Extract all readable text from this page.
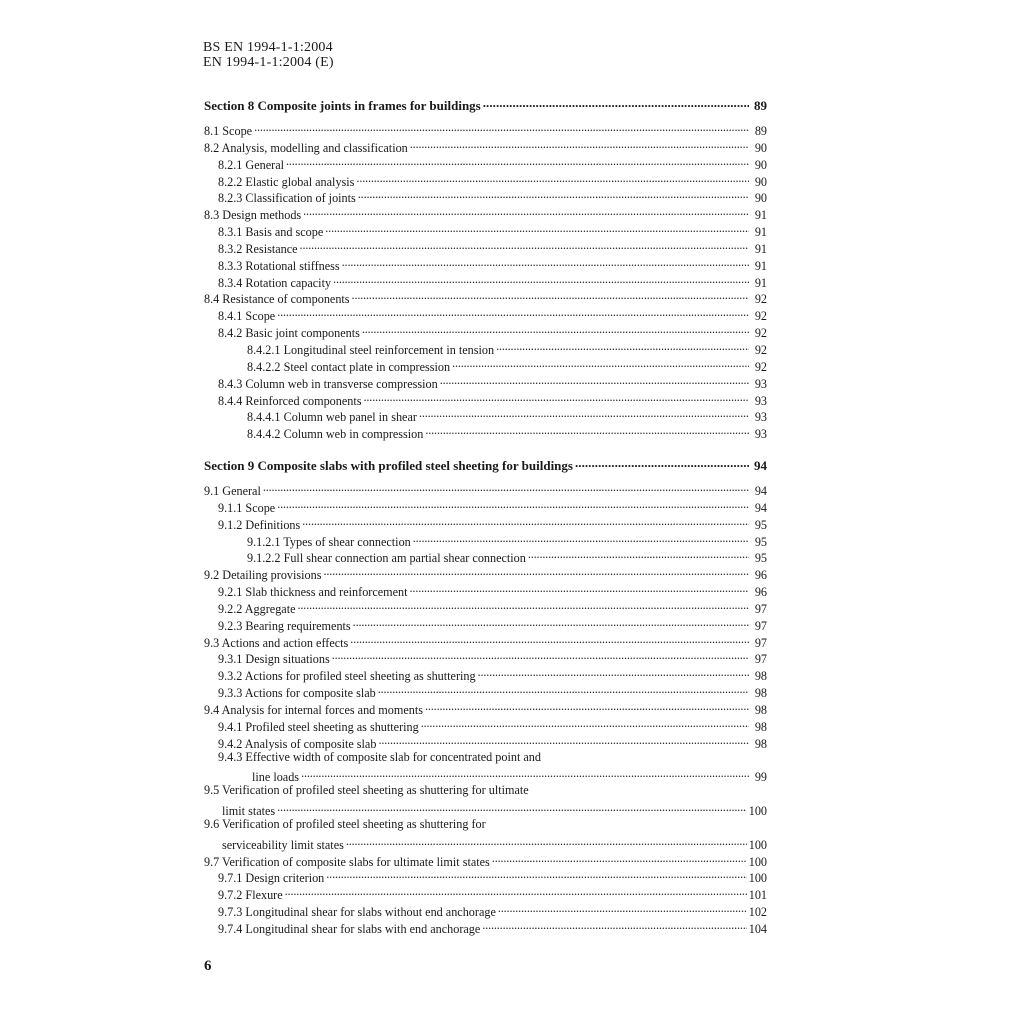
BS EN 1994-1-1:2004
EN 1994-1-1:2004 (E)
Section 8 Composite joints in frames for buildings . . .	89
8.1 Scope . . .	89
8.2 Analysis, modelling and classification . . .	90
8.2.1 General . . .	90
8.2.2 Elastic global analysis . . .	90
8.2.3 Classification of joints . . .	90
8.3 Design methods . . .	91
8.3.1 Basis and scope . . .	91
8.3.2 Resistance . . .	91
8.3.3 Rotational stiffness . . .	91
8.3.4 Rotation capacity . . .	91
8.4 Resistance of components . . .	92
8.4.1 Scope . . .	92
8.4.2 Basic joint components . . .	92
8.4.2.1 Longitudinal steel reinforcement in tension . . .	92
8.4.2.2 Steel contact plate in compression . . .	92
8.4.3 Column web in transverse compression . . .	93
8.4.4 Reinforced components . . .	93
8.4.4.1 Column web panel in shear . . .	93
8.4.4.2 Column web in compression . . .	93
Section 9 Composite slabs with profiled steel sheeting for buildings . . .	94
9.1 General . . .	94
9.1.1 Scope . . .	94
9.1.2 Definitions . . .	95
9.1.2.1 Types of shear connection . . .	95
9.1.2.2 Full shear connection am partial shear connection . . .	95
9.2 Detailing provisions . . .	96
9.2.1 Slab thickness and reinforcement . . .	96
9.2.2 Aggregate . . .	97
9.2.3 Bearing requirements . . .	97
9.3 Actions and action effects . . .	97
9.3.1 Design situations . . .	97
9.3.2 Actions for profiled steel sheeting as shuttering . . .	98
9.3.3 Actions for composite slab . . .	98
9.4 Analysis for internal forces and moments . . .	98
9.4.1 Profiled steel sheeting as shuttering . . .	98
9.4.2 Analysis of composite slab . . .	98
9.4.3 Effective width of composite slab for concentrated point and
line loads . . .	99
9.5 Verification of profiled steel sheeting as shuttering for ultimate
limit states . . .	100
9.6 Verification of profiled steel sheeting as shuttering for
serviceability limit states . . .	100
9.7 Verification of composite slabs for ultimate limit states . . .	100
9.7.1 Design criterion . . .	100
9.7.2 Flexure . . .	101
9.7.3 Longitudinal shear for slabs without end anchorage . . .	102
9.7.4 Longitudinal shear for slabs with end anchorage . . .	104
6
